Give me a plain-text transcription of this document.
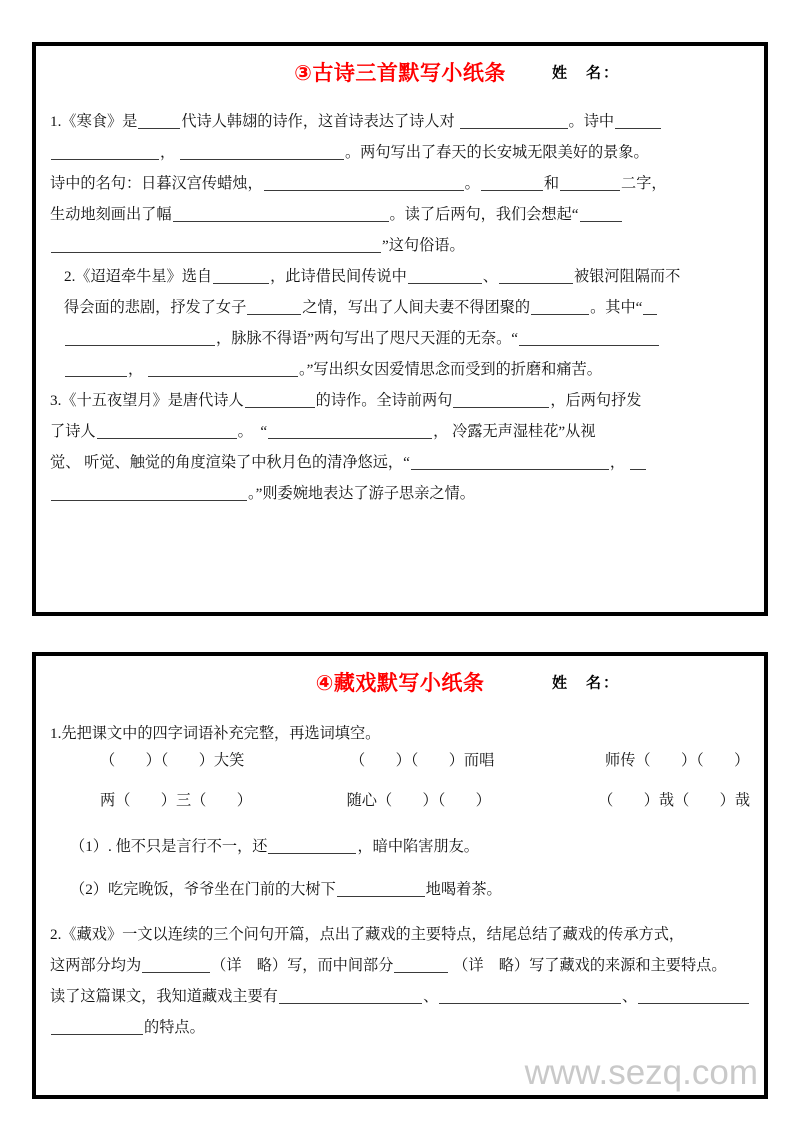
③古诗三首默写小纸条	姓　名：
1. 《寒食》是	代诗人韩翃的诗作，这首诗表达了诗人对	。诗中
，	。两句写出了春天的长安城无限美好的景象。
诗中的名句：日暮汉宫传蜡烛，	。	和	二字，
生动地刻画出了幅	。读了后两句，我们会想起“
”这句俗语。
2. 《迢迢牵牛星》选自	，此诗借民间传说中	、	被银河阻隔而不
得会面的悲剧，抒发了女子	之情，写出了人间夫妻不得团聚的	。其中“
，脉脉不得语”两句写出了咫尺天涯的无奈。“
，	。”写出织女因爱情思念而受到的折磨和痛苦。
3. 《十五夜望月》是唐代诗人	的诗作。全诗前两句	，后两句抒发
了诗人	。  “	， 冷露无声湿桂花”从视
觉、 听觉、触觉的角度渲染了中秋月色的清净悠远，“	，
。”则委婉地表达了游子思亲之情。
④藏戏默写小纸条	姓　名：
1. 先把课文中的四字词语补充完整，再选词填空。
（　　）（　　）大笑	（　　）（　　）而唱	师传（　　）（　　）
两（　　）三（　　）	随心（　　）（　　）	（　　）哉（　　）哉
（1）. 他不只是言行不一，还	，暗中陷害朋友。
（2）吃完晚饭，爷爷坐在门前的大树下	地喝着茶。
2. 《藏戏》一文以连续的三个问句开篇，点出了藏戏的主要特点，结尾总结了藏戏的传承方式，
这两部分均为	（详　略）写，而中间部分	（详　略）写了藏戏的来源和主要特点。
读了这篇课文，我知道藏戏主要有	、	、
的特点。
www.sezq.com
